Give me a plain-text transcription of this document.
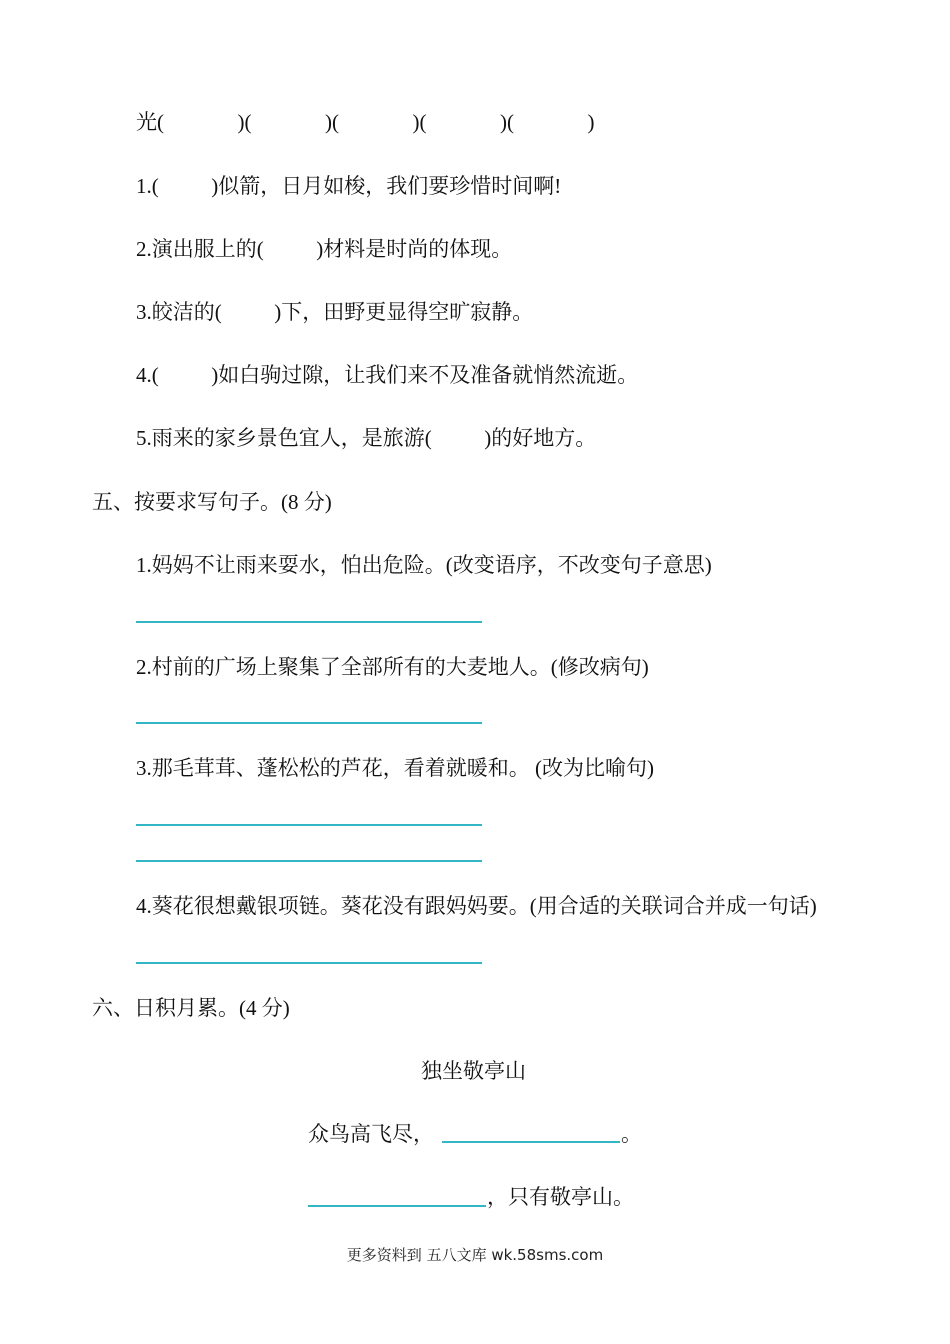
光(              )(              )(              )(              )(              )
1.(          )似箭，日月如梭，我们要珍惜时间啊!
2.演出服上的(          )材料是时尚的体现。
3.皎洁的(          )下，田野更显得空旷寂静。
4.(          )如白驹过隙，让我们来不及准备就悄然流逝。
5.雨来的家乡景色宜人，是旅游(          )的好地方。
五、按要求写句子。(8 分)
1.妈妈不让雨来耍水，怕出危险。(改变语序，不改变句子意思)
2.村前的广场上聚集了全部所有的大麦地人。(修改病句)
3.那毛茸茸、蓬松松的芦花，看着就暖和。 (改为比喻句)
4.葵花很想戴银项链。葵花没有跟妈妈要。(用合适的关联词合并成一句话)
六、日积月累。(4 分)
独坐敬亭山
众鸟高飞尽，	。
，只有敬亭山。
更多资料到 五八文库 wk.58sms.com
